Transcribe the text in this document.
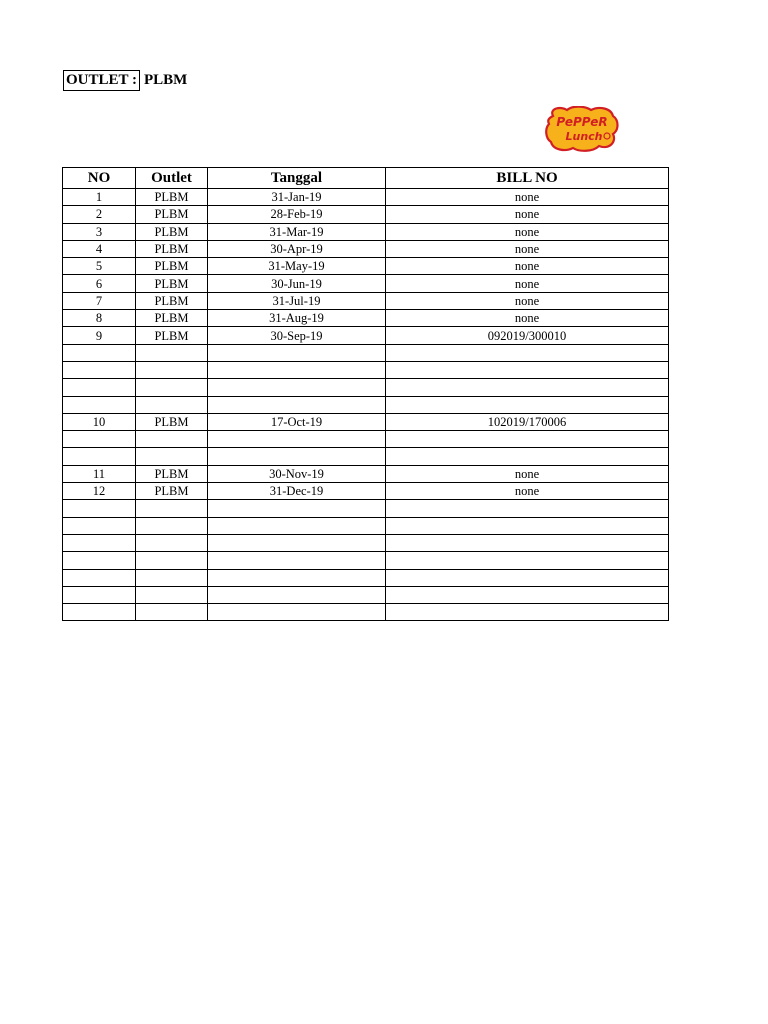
OUTLET : PLBM
PePPeR
Lunch
NO	Outlet	Tanggal	BILL NO
1	PLBM	31-Jan-19	none
2	PLBM	28-Feb-19	none
3	PLBM	31-Mar-19	none
4	PLBM	30-Apr-19	none
5	PLBM	31-May-19	none
6	PLBM	30-Jun-19	none
7	PLBM	31-Jul-19	none
8	PLBM	31-Aug-19	none
9	PLBM	30-Sep-19	092019/300010

10	PLBM	17-Oct-19	102019/170006

11	PLBM	30-Nov-19	none
12	PLBM	31-Dec-19	none
